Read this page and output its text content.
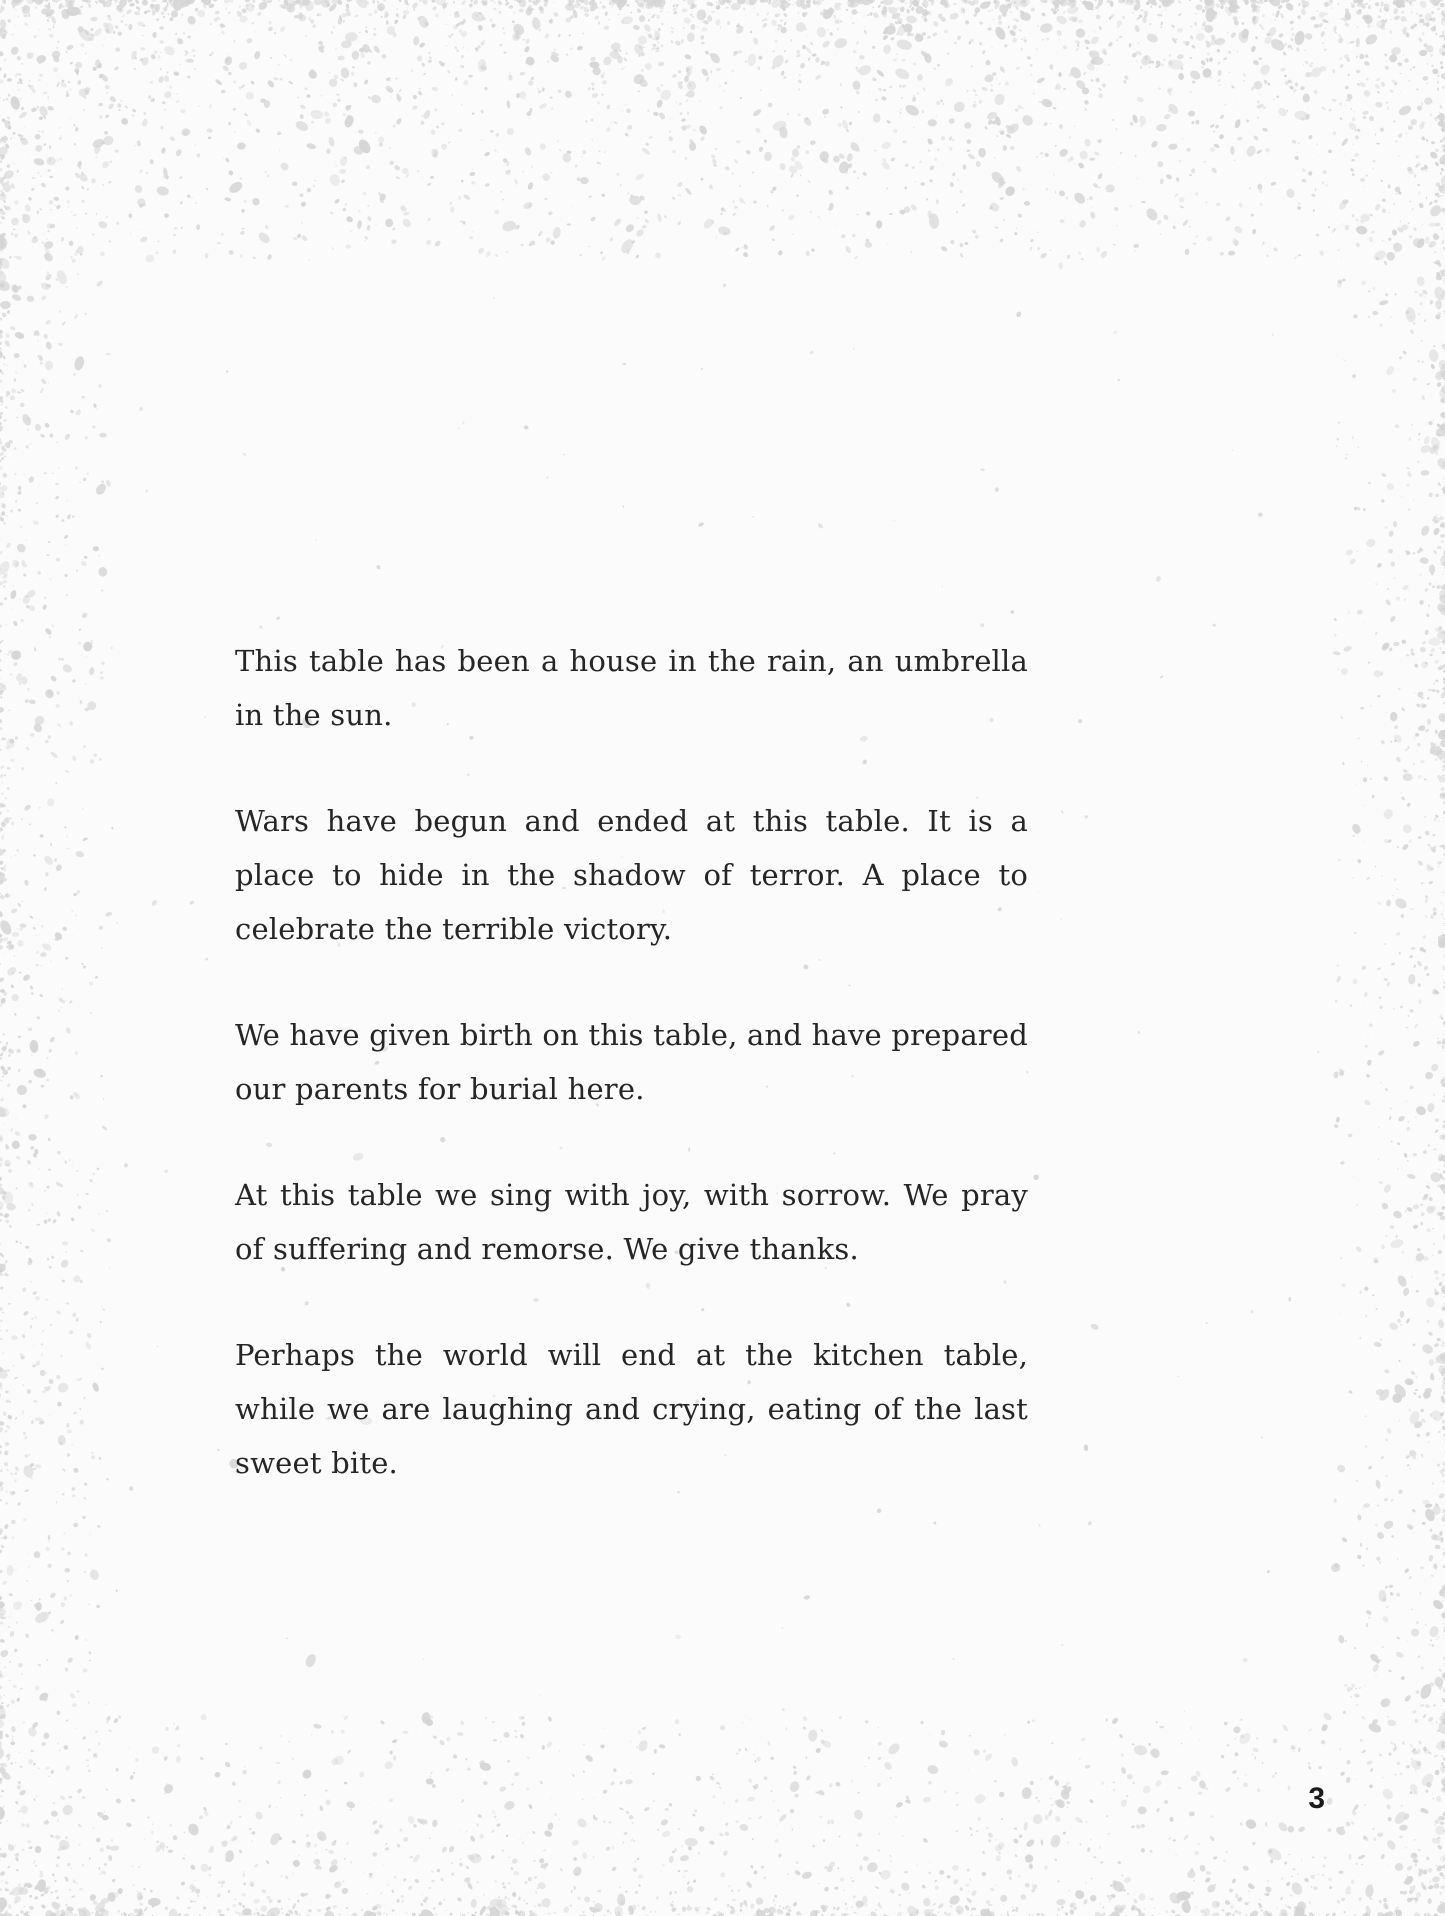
This table has been a house in the rain, an umbrella in the sun.

Wars have begun and ended at this table. It is a place to hide in the shadow of terror. A place to celebrate the terrible victory.

We have given birth on this table, and have prepared our parents for burial here.

At this table we sing with joy, with sorrow. We pray of suffering and remorse. We give thanks.

Perhaps the world will end at the kitchen table, while we are laughing and crying, eating of the last sweet bite.

3
